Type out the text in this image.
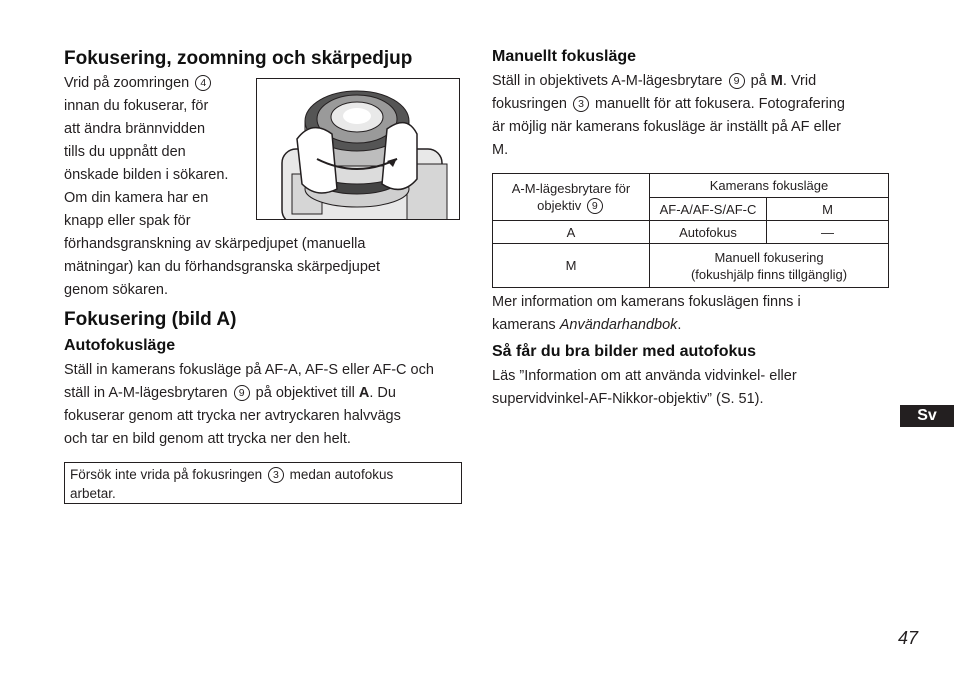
Fokusering, zoomning och skärpedjup

Vrid på zoomringen 4

innan du fokuserar, för

att ändra brännvidden

tills du uppnått den

önskade bilden i sökaren.

Om din kamera har en

knapp eller spak för

förhandsgranskning av skärpedjupet (manuella

mätningar) kan du förhandsgranska skärpedjupet

genom sökaren.

Fokusering (bild A)
Autofokusläge

Ställ in kamerans fokusläge på AF-A, AF-S eller AF-C och

ställ in A-M-lägesbrytaren 9 på objektivet till A. Du

fokuserar genom att trycka ner avtryckaren halvvägs

och tar en bild genom att trycka ner den helt.

Försök inte vrida på fokusringen 3 medan autofokus
arbetar.
Manuellt fokusläge

Ställ in objektivets A-M-lägesbrytare 9 på M. Vrid

fokusringen 3 manuellt för att fokusera. Fotografering

är möjlig när kamerans fokusläge är inställt på AF eller

M.

A-M-lägesbrytare för
objektiv 9	Kamerans fokusläge	
	AF-A/AF-S/AF-C	M
A	Autofokus	—
M	Manuell fokusering
(fokushjälp finns tillgänglig)	

Mer information om kamerans fokuslägen finns i

kamerans Användarhandbok.

Så får du bra bilder med autofokus

Läs ”Information om att använda vidvinkel- eller

supervidvinkel-AF-Nikkor-objektiv” (S. 51).

Sv
47
